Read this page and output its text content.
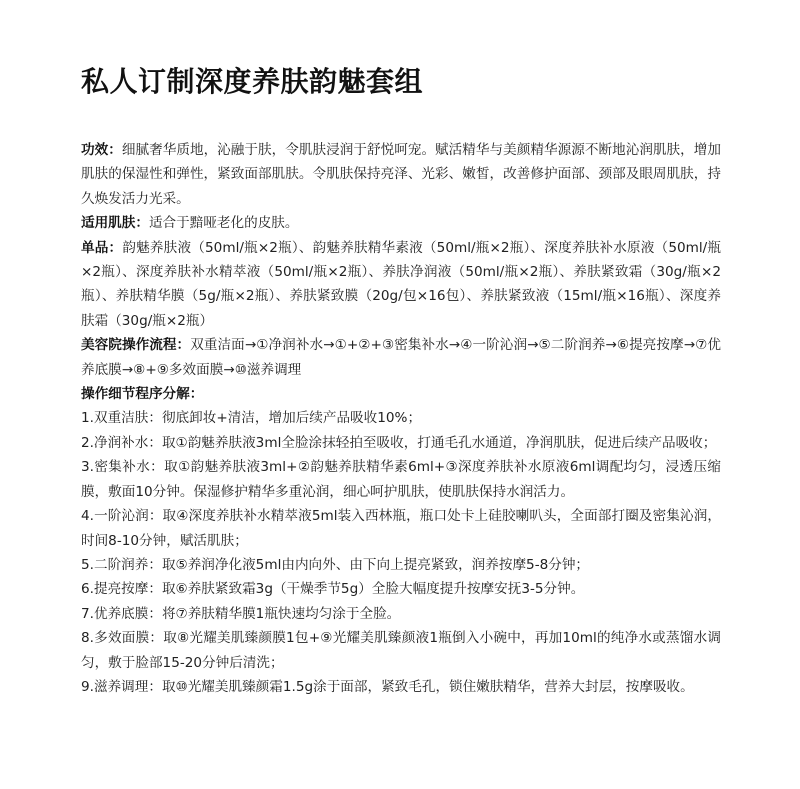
私人订制深度养肤韵魅套组

功效：细腻奢华质地，沁融于肤，令肌肤浸润于舒悦呵宠。赋活精华与美颜精华源源不断地沁润肌肤，增加肌肤的保湿性和弹性，紧致面部肌肤。令肌肤保持亮泽、光彩、嫩皙，改善修护面部、颈部及眼周肌肤，持久焕发活力光采。

适用肌肤：适合于黯哑老化的皮肤。

单品：韵魅养肤液（50ml/瓶×2瓶）、韵魅养肤精华素液（50ml/瓶×2瓶）、深度养肤补水原液（50ml/瓶×2瓶）、深度养肤补水精萃液（50ml/瓶×2瓶）、养肤净润液（50ml/瓶×2瓶）、养肤紧致霜（30g/瓶×2瓶）、养肤精华膜（5g/瓶×2瓶）、养肤紧致膜（20g/包×16包）、养肤紧致液（15ml/瓶×16瓶）、深度养肤霜（30g/瓶×2瓶）

美容院操作流程：双重洁面→①净润补水→①+②+③密集补水→④一阶沁润→⑤二阶润养→⑥提亮按摩→⑦优养底膜→⑧+⑨多效面膜→⑩滋养调理

操作细节程序分解：

1.双重洁肤：彻底卸妆+清洁，增加后续产品吸收10%；

2.净润补水：取①韵魅养肤液3ml全脸涂抹轻拍至吸收，打通毛孔水通道，净润肌肤，促进后续产品吸收；

3.密集补水：取①韵魅养肤液3ml+②韵魅养肤精华素6ml+③深度养肤补水原液6ml调配均匀，浸透压缩膜，敷面10分钟。保湿修护精华多重沁润，细心呵护肌肤，使肌肤保持水润活力。

4.一阶沁润：取④深度养肤补水精萃液5ml装入西林瓶，瓶口处卡上硅胶喇叭头，全面部打圈及密集沁润，时间8-10分钟，赋活肌肤；

5.二阶润养：取⑤养润净化液5ml由内向外、由下向上提亮紧致，润养按摩5-8分钟；

6.提亮按摩：取⑥养肤紧致霜3g（干燥季节5g）全脸大幅度提升按摩安抚3-5分钟。

7.优养底膜：将⑦养肤精华膜1瓶快速均匀涂于全脸。

8.多效面膜：取⑧光耀美肌臻颜膜1包+⑨光耀美肌臻颜液1瓶倒入小碗中，再加10ml的纯净水或蒸馏水调匀，敷于脸部15-20分钟后清洗；

9.滋养调理：取⑩光耀美肌臻颜霜1.5g涂于面部，紧致毛孔，锁住嫩肤精华，营养大封层，按摩吸收。
